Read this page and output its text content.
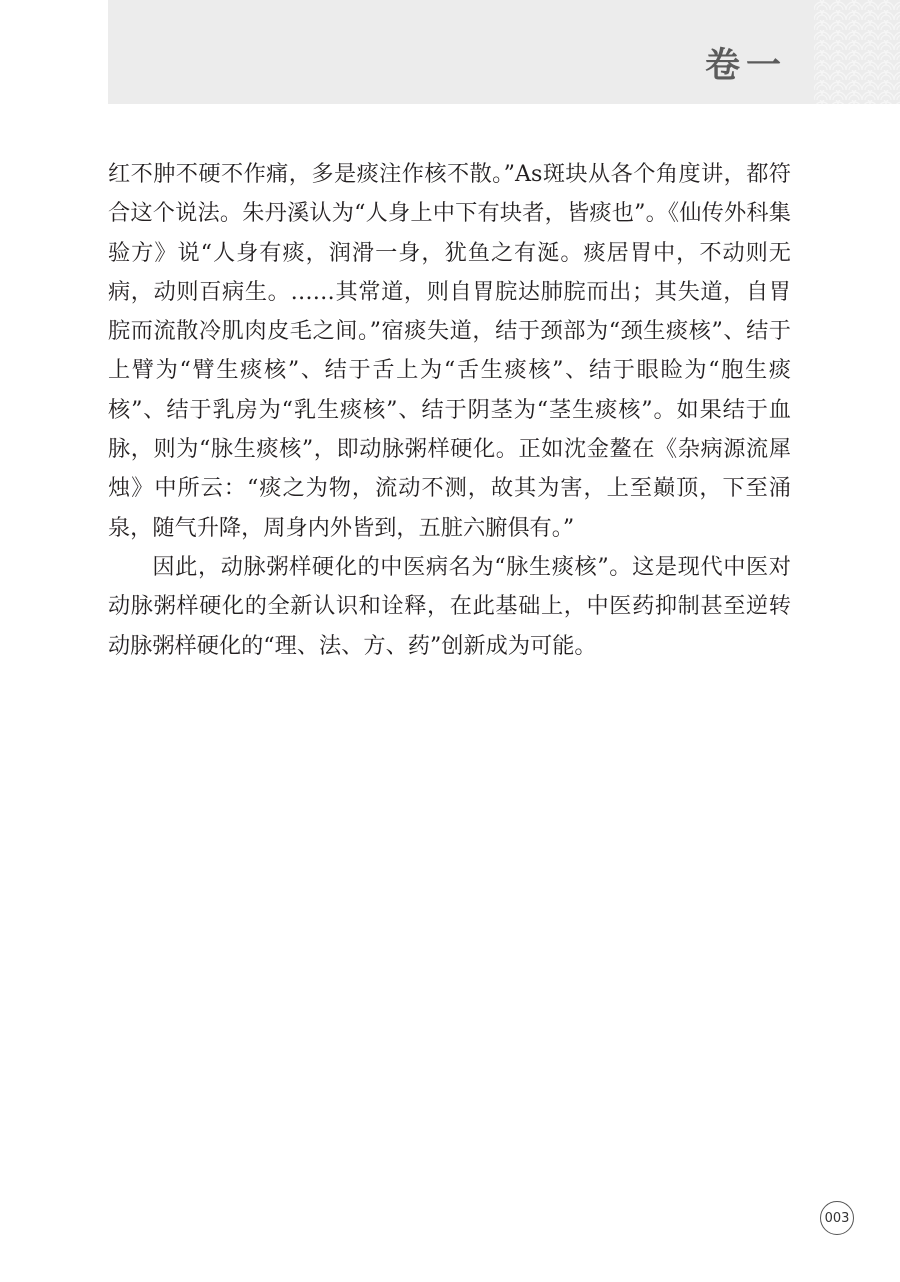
卷一

红不肿不硬不作痛，多是痰注作核不散。”As斑块从各个角度讲，都符合这个说法。朱丹溪认为“人身上中下有块者，皆痰也”。《仙传外科集验方》说“人身有痰，润滑一身，犹鱼之有涎。痰居胃中，不动则无病，动则百病生。……其常道，则自胃脘达肺脘而出；其失道，自胃脘而流散冷肌肉皮毛之间。”宿痰失道，结于颈部为“颈生痰核”、结于上臂为“臂生痰核”、结于舌上为“舌生痰核”、结于眼睑为“胞生痰核”、结于乳房为“乳生痰核”、结于阴茎为“茎生痰核”。如果结于血脉，则为“脉生痰核”，即动脉粥样硬化。正如沈金鳌在《杂病源流犀烛》中所云：“痰之为物，流动不测，故其为害，上至巅顶，下至涌泉，随气升降，周身内外皆到，五脏六腑俱有。”

因此，动脉粥样硬化的中医病名为“脉生痰核”。这是现代中医对动脉粥样硬化的全新认识和诠释，在此基础上，中医药抑制甚至逆转动脉粥样硬化的“理、法、方、药”创新成为可能。

003
